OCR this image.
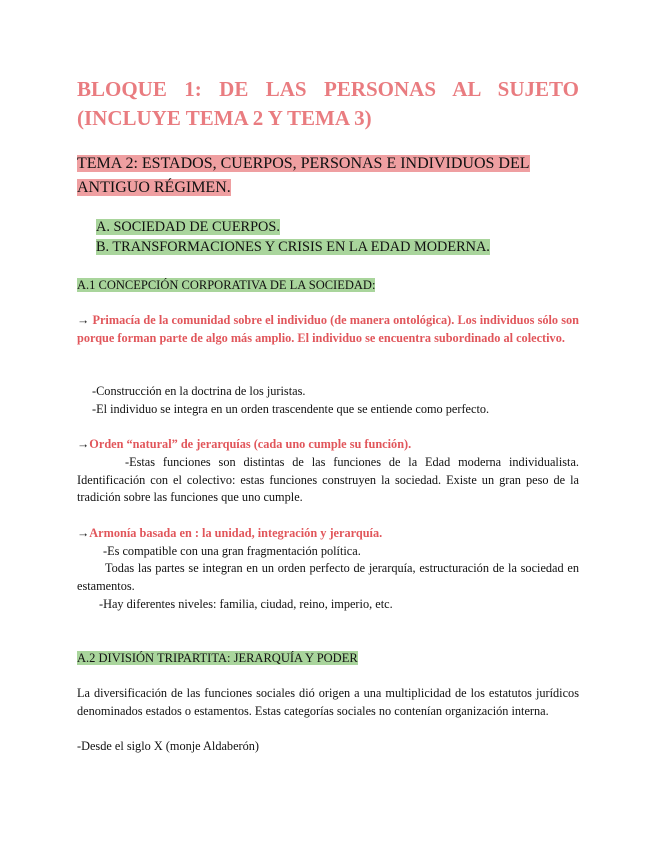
BLOQUE 1: DE LAS PERSONAS AL SUJETO (INCLUYE TEMA 2 Y TEMA 3)
TEMA 2: ESTADOS, CUERPOS, PERSONAS E INDIVIDUOS DEL ANTIGUO RÉGIMEN.
A. SOCIEDAD DE CUERPOS.
B. TRANSFORMACIONES Y CRISIS EN LA EDAD MODERNA.
A.1 CONCEPCIÓN CORPORATIVA DE LA SOCIEDAD:
→ Primacía de la comunidad sobre el individuo (de manera ontológica). Los individuos sólo son porque forman parte de algo más amplio. El individuo se encuentra subordinado al colectivo.
-Construcción en la doctrina de los juristas.
-El individuo se integra en un orden trascendente que se entiende como perfecto.
→Orden “natural” de jerarquías (cada uno cumple su función).
-Estas funciones son distintas de las funciones de la Edad moderna individualista. Identificación con el colectivo: estas funciones construyen la sociedad. Existe un gran peso de la tradición sobre las funciones que uno cumple.
→Armonía basada en : la unidad, integración y jerarquía.
-Es compatible con una gran fragmentación política.
Todas las partes se integran en un orden perfecto de jerarquía, estructuración de la sociedad en estamentos.
-Hay diferentes niveles: familia, ciudad, reino, imperio, etc.
A.2 DIVISIÓN TRIPARTITA: JERARQUÍA Y PODER
La diversificación de las funciones sociales dió origen a una multiplicidad de los estatutos jurídicos denominados estados o estamentos. Estas categorías sociales no contenían organización interna.
-Desde el siglo X (monje Aldaberón)
